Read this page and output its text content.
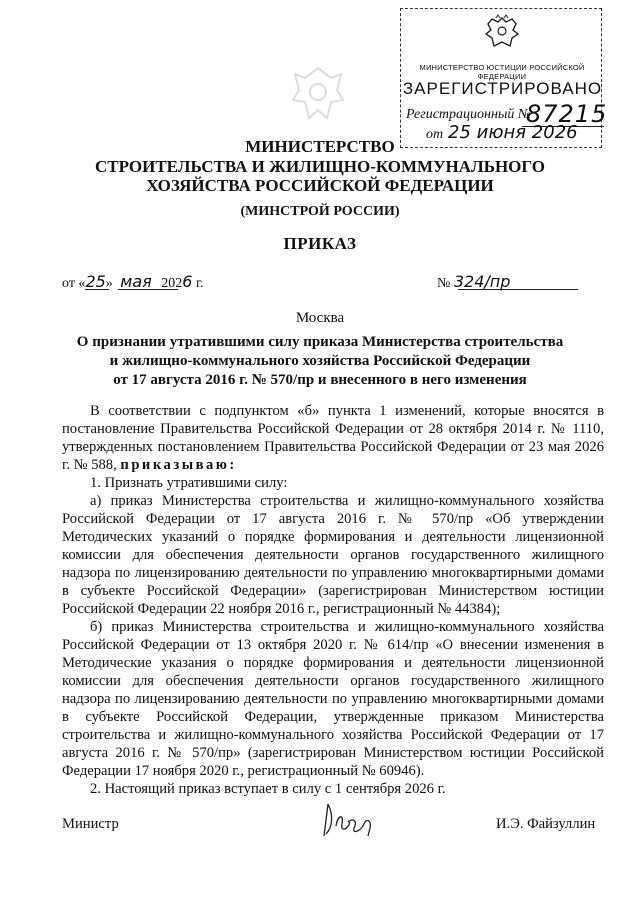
МИНИСТЕРСТВО ЮСТИЦИИ РОССИЙСКОЙ ФЕДЕРАЦИИ
ЗАРЕГИСТРИРОВАНО
Регистрационный №
87215
от 25 июня 2026
МИНИСТЕРСТВО
СТРОИТЕЛЬСТВА И ЖИЛИЩНО-КОММУНАЛЬНОГО
ХОЗЯЙСТВА РОССИЙСКОЙ ФЕДЕРАЦИИ
(МИНСТРОЙ РОССИИ)
ПРИКАЗ
от «25» мая 2026 г.	№ 324/пр
Москва
О признании утратившими силу приказа Министерства строительства
и жилищно-коммунального хозяйства Российской Федерации
от 17 августа 2016 г. № 570/пр и внесенного в него изменения

В соответствии с подпунктом «б» пункта 1 изменений, которые вносятся в постановление Правительства Российской Федерации от 28 октября 2014 г. № 1110, утвержденных постановлением Правительства Российской Федерации от 23 мая 2026 г. № 588, приказываю:

1. Признать утратившими силу:

а) приказ Министерства строительства и жилищно-коммунального хозяйства Российской Федерации от 17 августа 2016 г. № 570/пр «Об утверждении Методических указаний о порядке формирования и деятельности лицензионной комиссии для обеспечения деятельности органов государственного жилищного надзора по лицензированию деятельности по управлению многоквартирными домами в субъекте Российской Федерации» (зарегистрирован Министерством юстиции Российской Федерации 22 ноября 2016 г., регистрационный № 44384);

б) приказ Министерства строительства и жилищно-коммунального хозяйства Российской Федерации от 13 октября 2020 г. № 614/пр «О внесении изменения в Методические указания о порядке формирования и деятельности лицензионной комиссии для обеспечения деятельности органов государственного жилищного надзора по лицензированию деятельности по управлению многоквартирными домами в субъекте Российской Федерации, утвержденные приказом Министерства строительства и жилищно-коммунального хозяйства Российской Федерации от 17 августа 2016 г. № 570/пр» (зарегистрирован Министерством юстиции Российской Федерации 17 ноября 2020 г., регистрационный № 60946).

2. Настоящий приказ вступает в силу с 1 сентября 2026 г.

Министр	И.Э. Файзуллин
